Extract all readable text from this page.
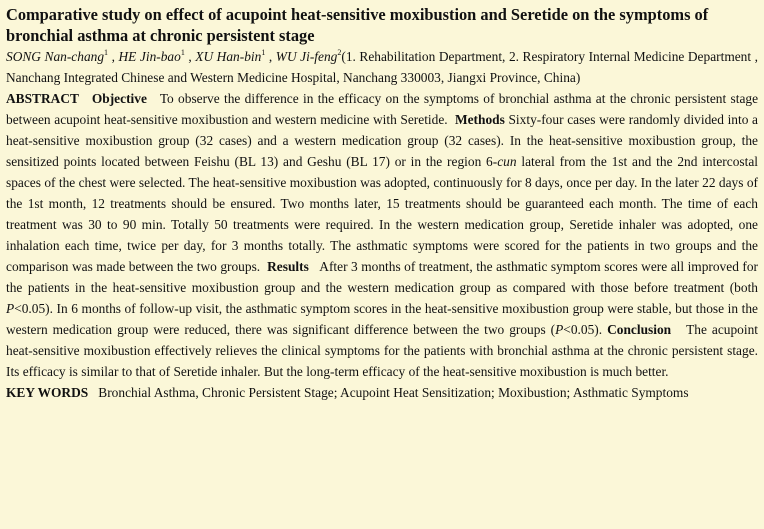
Comparative study on effect of acupoint heat-sensitive moxibustion and Seretide on the symptoms of bronchial asthma at chronic persistent stage

SONG Nan-chang$^1$ , HE Jin-bao$^1$ , XU Han-bin$^1$ , WU Ji-feng$^2$(1. Rehabilitation Department, 2. Respiratory Internal Medicine Department , Nanchang Integrated Chinese and Western Medicine Hospital, Nanchang 330003, Jiangxi Province, China)

ABSTRACT Objective To observe the difference in the efficacy on the symptoms of bronchial asthma at the chronic persistent stage between acupoint heat-sensitive moxibustion and western medicine with Seretide. Methods Sixty-four cases were randomly divided into a heat-sensitive moxibustion group (32 cases) and a western medication group (32 cases). In the heat-sensitive moxibustion group, the sensitized points located between Feishu (BL 13) and Geshu (BL 17) or in the region 6-cun lateral from the 1st and the 2nd intercostal spaces of the chest were selected. The heat-sensitive moxibustion was adopted, continuously for 8 days, once per day. In the later 22 days of the 1st month, 12 treatments should be ensured. Two months later, 15 treatments should be guaranteed each month. The time of each treatment was 30 to 90 min. Totally 50 treatments were required. In the western medication group, Seretide inhaler was adopted, one inhalation each time, twice per day, for 3 months totally. The asthmatic symptoms were scored for the patients in two groups and the comparison was made between the two groups. Results After 3 months of treatment, the asthmatic symptom scores were all improved for the patients in the heat-sensitive moxibustion group and the western medication group as compared with those before treatment (both P<0.05). In 6 months of follow-up visit, the asthmatic symptom scores in the heat-sensitive moxibustion group were stable, but those in the western medication group were reduced, there was significant difference between the two groups (P<0.05). Conclusion The acupoint heat-sensitive moxibustion effectively relieves the clinical symptoms for the patients with bronchial asthma at the chronic persistent stage. Its efficacy is similar to that of Seretide inhaler. But the long-term efficacy of the heat-sensitive moxibustion is much better.

KEY WORDS Bronchial Asthma, Chronic Persistent Stage; Acupoint Heat Sensitization; Moxibustion; Asthmatic Symptoms
